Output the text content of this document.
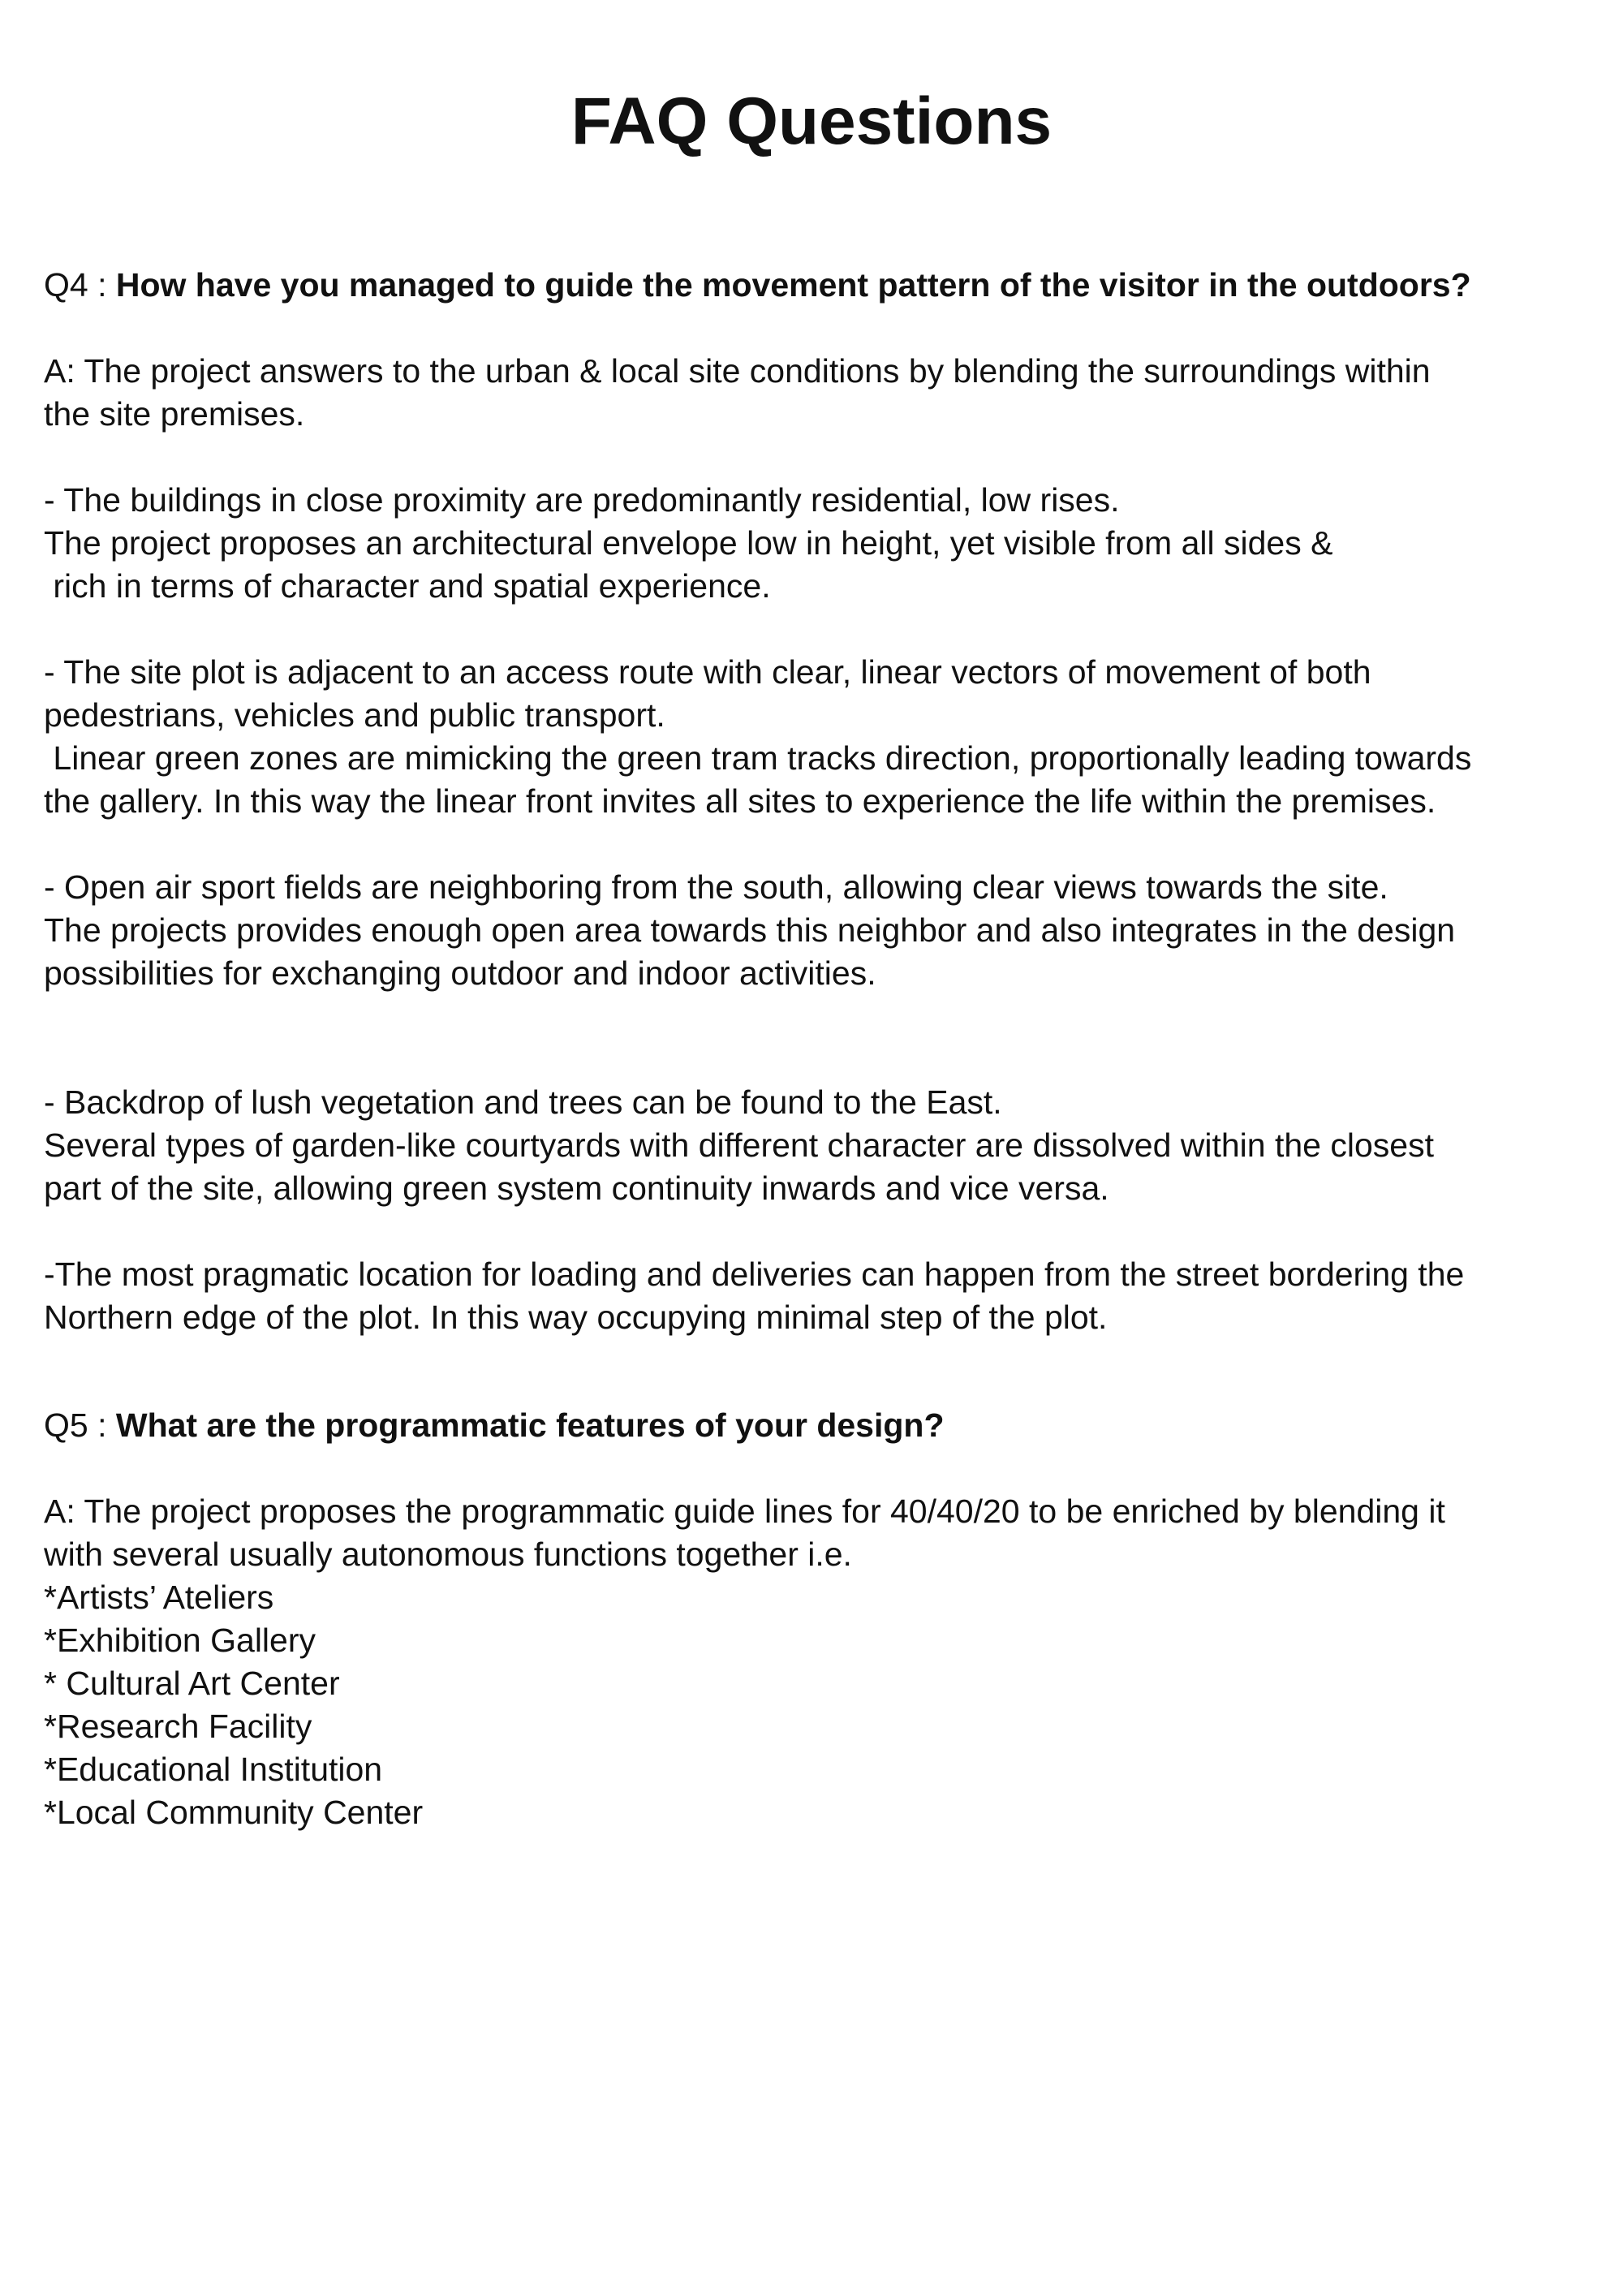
FAQ Questions

Q4 : How have you managed to guide the movement pattern of the visitor in the outdoors?

A: The project answers to the urban & local site conditions by blending the surroundings within

the site premises.

- The buildings in close proximity are predominantly residential, low rises.

The project proposes an architectural envelope low in height, yet visible from all sides &

rich in terms of character and spatial experience.

- The site plot is adjacent to an access route with clear, linear vectors of movement of both

pedestrians, vehicles and public transport.

Linear green zones are mimicking the green tram tracks direction, proportionally leading towards

the gallery. In this way the linear front invites all sites to experience the life within the premises.

- Open air sport fields are neighboring from the south, allowing clear views towards the site.

The projects provides enough open area towards this neighbor and also integrates in the design

possibilities for exchanging outdoor and indoor activities.

- Backdrop of lush vegetation and trees can be found to the East.

Several types of garden-like courtyards with different character are dissolved within the closest

part of the site, allowing green system continuity inwards and vice versa.

-The most pragmatic location for loading and deliveries can happen from the street bordering the

Northern edge of the plot. In this way occupying minimal step of the plot.

Q5 : What are the programmatic features of your design?

A: The project proposes the programmatic guide lines for 40/40/20 to be enriched by blending it

with several usually autonomous functions together i.e.

*Artists’ Ateliers

*Exhibition Gallery

* Cultural Art Center

*Research Facility

*Educational Institution

*Local Community Center
